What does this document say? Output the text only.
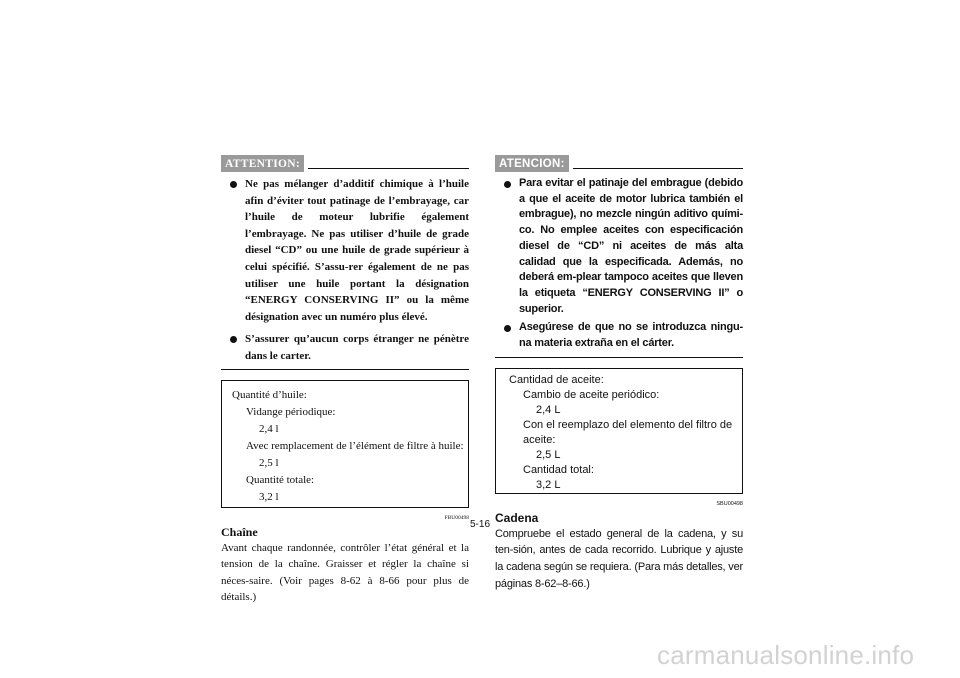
ATTENTION:
Ne pas mélanger d’additif chimique à l’huile afin d’éviter tout patinage de l’embrayage, car l’huile de moteur lubrifie également l’embrayage. Ne pas utiliser d’huile de grade diesel “CD” ou une huile de grade supérieur à celui spécifié. S’assu-rer également de ne pas utiliser une huile portant la désignation “ENERGY CONSERVING II” ou la même désignation avec un numéro plus élevé.
S’assurer qu’aucun corps étranger ne pénètre dans le carter.
Quantité d’huile:
Vidange périodique:
2,4 l
Avec remplacement de l’élément de filtre à huile:
2,5 l
Quantité totale:
3,2 l
FBU00498
Chaîne
Avant chaque randonnée, contrôler l’état général et la tension de la chaîne. Graisser et régler la chaîne si néces-saire. (Voir pages 8-62 à 8-66 pour plus de détails.)
ATENCION:
Para evitar el patinaje del embrague (debido a que el aceite de motor lubrica también el embrague), no mezcle ningún aditivo quími-co. No emplee aceites con especificación diesel de “CD” ni aceites de más alta calidad que la especificada. Además, no deberá em-plear tampoco aceites que lleven la etiqueta “ENERGY CONSERVING II” o superior.
Asegúrese de que no se introduzca ningu-na materia extraña en el cárter.
Cantidad de aceite:
Cambio de aceite periódico:
2,4 L
Con el reemplazo del elemento del filtro de aceite:
2,5 L
Cantidad total:
3,2 L
SBU00498
Cadena
Compruebe el estado general de la cadena, y su ten-sión, antes de cada recorrido. Lubrique y ajuste la cadena según se requiera. (Para más detalles, ver páginas 8-62–8-66.)
5-16
carmanualsonline.info
